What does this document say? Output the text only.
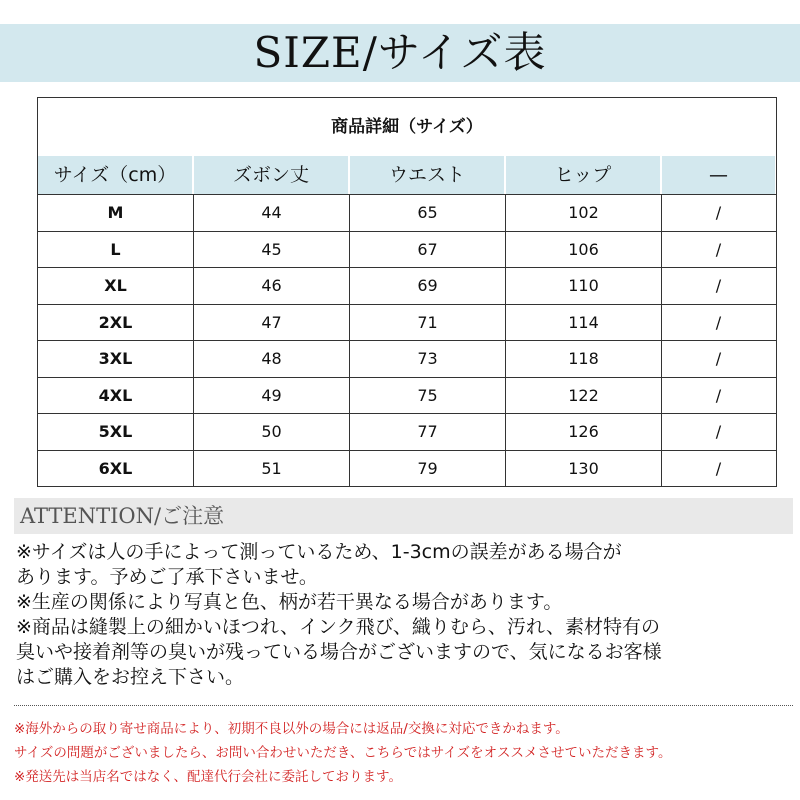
SIZE/サイズ表
商品詳細（サイズ）
サイズ（cm）	ズボン丈	ウエスト	ヒップ	—
M	44	65	102	/
L	45	67	106	/
XL	46	69	110	/
2XL	47	71	114	/
3XL	48	73	118	/
4XL	49	75	122	/
5XL	50	77	126	/
6XL	51	79	130	/
ATTENTION/ご注意

※サイズは人の手によって測っているため、1-3cmの誤差がある場合が

あります。予めご了承下さいませ。

※生産の関係により写真と色、柄が若干異なる場合があります。

※商品は縫製上の細かいほつれ、インク飛び、織りむら、汚れ、素材特有の

臭いや接着剤等の臭いが残っている場合がございますので、気になるお客様

はご購入をお控え下さい。

※海外からの取り寄せ商品により、初期不良以外の場合には返品/交換に対応できかねます。

サイズの問題がございましたら、お問い合わせいただき、こちらではサイズをオススメさせていただきます。

※発送先は当店名ではなく、配達代行会社に委託しております。
